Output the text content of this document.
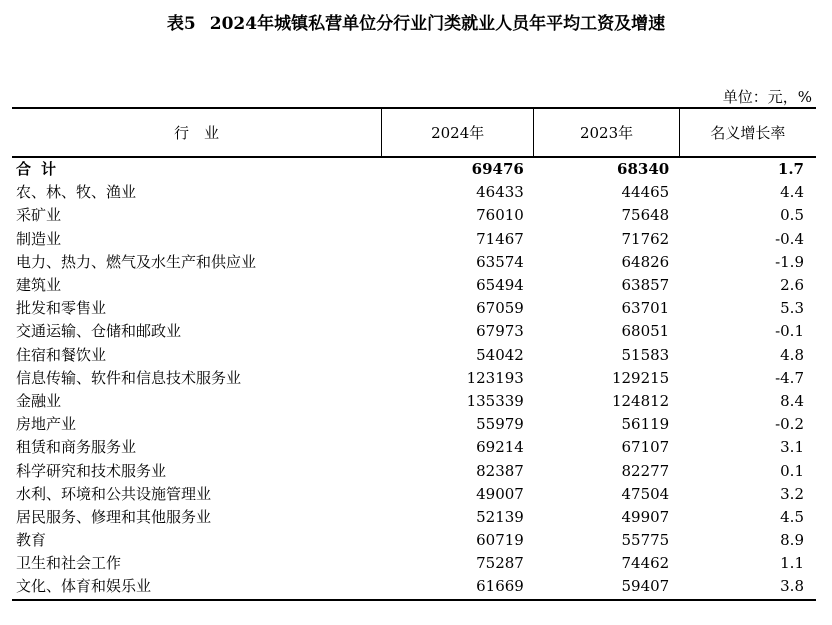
表5 2024年城镇私营单位分行业门类就业人员年平均工资及增速
单位：元，%
行　业	2024年	2023年	名义增长率
合计	69476	68340	1.7
农、林、牧、渔业	46433	44465	4.4
采矿业	76010	75648	0.5
制造业	71467	71762	-0.4
电力、热力、燃气及水生产和供应业	63574	64826	-1.9
建筑业	65494	63857	2.6
批发和零售业	67059	63701	5.3
交通运输、仓储和邮政业	67973	68051	-0.1
住宿和餐饮业	54042	51583	4.8
信息传输、软件和信息技术服务业	123193	129215	-4.7
金融业	135339	124812	8.4
房地产业	55979	56119	-0.2
租赁和商务服务业	69214	67107	3.1
科学研究和技术服务业	82387	82277	0.1
水利、环境和公共设施管理业	49007	47504	3.2
居民服务、修理和其他服务业	52139	49907	4.5
教育	60719	55775	8.9
卫生和社会工作	75287	74462	1.1
文化、体育和娱乐业	61669	59407	3.8
